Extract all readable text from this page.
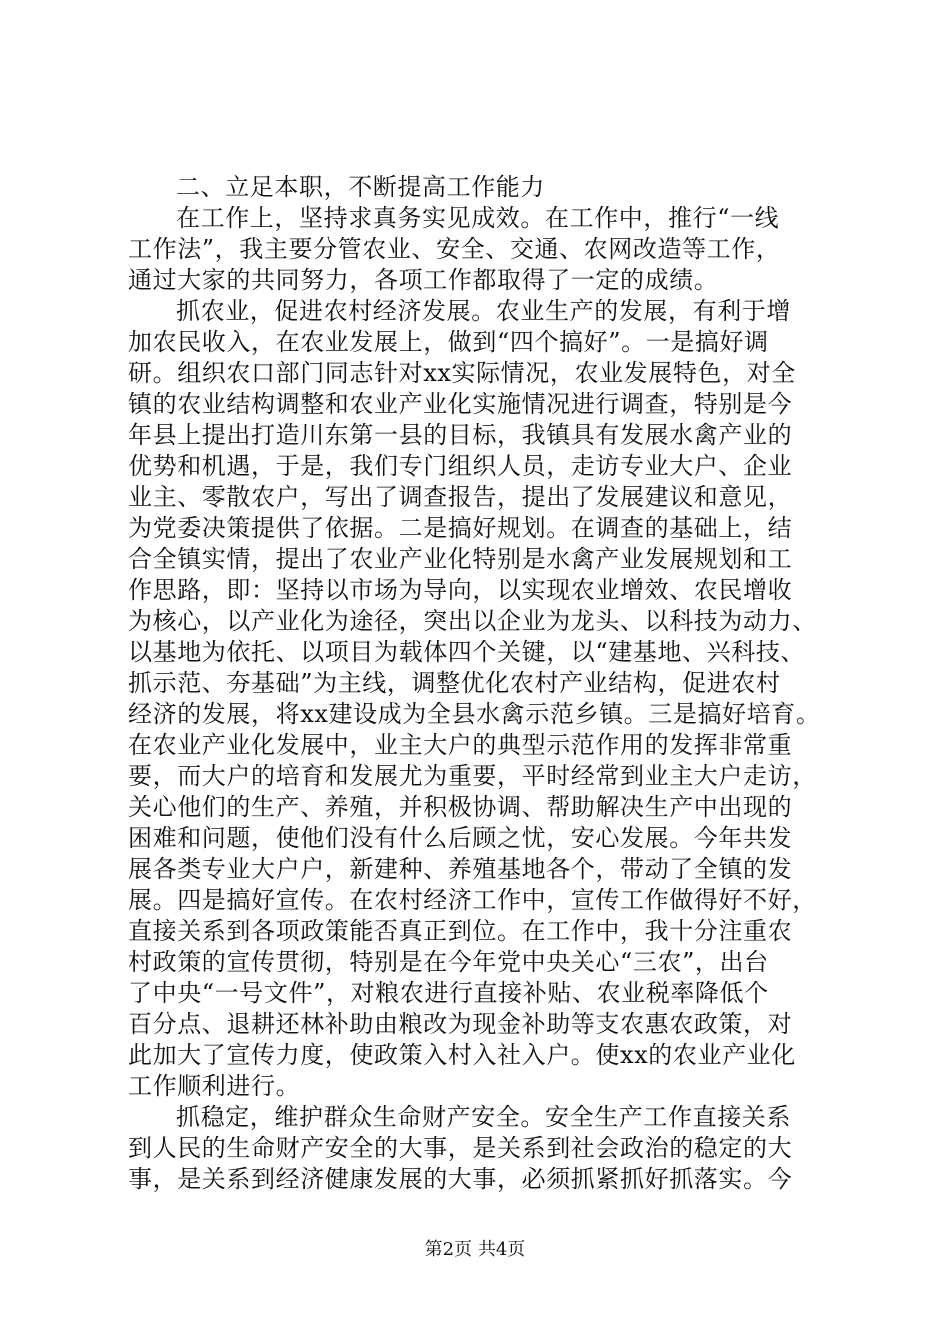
二、立足本职，不断提高工作能力
在工作上，坚持求真务实见成效。在工作中，推行“一线
工作法”，我主要分管农业、安全、交通、农网改造等工作，
通过大家的共同努力，各项工作都取得了一定的成绩。
抓农业，促进农村经济发展。农业生产的发展，有利于增
加农民收入，在农业发展上，做到“四个搞好”。一是搞好调
研。组织农口部门同志针对xx实际情况，农业发展特色，对全
镇的农业结构调整和农业产业化实施情况进行调查，特别是今
年县上提出打造川东第一县的目标，我镇具有发展水禽产业的
优势和机遇，于是，我们专门组织人员，走访专业大户、企业
业主、零散农户，写出了调查报告，提出了发展建议和意见，
为党委决策提供了依据。二是搞好规划。在调查的基础上，结
合全镇实情，提出了农业产业化特别是水禽产业发展规划和工
作思路，即：坚持以市场为导向，以实现农业增效、农民增收
为核心，以产业化为途径，突出以企业为龙头、以科技为动力、
以基地为依托、以项目为载体四个关键，以“建基地、兴科技、
抓示范、夯基础”为主线，调整优化农村产业结构，促进农村
经济的发展，将xx建设成为全县水禽示范乡镇。三是搞好培育。
在农业产业化发展中，业主大户的典型示范作用的发挥非常重
要，而大户的培育和发展尤为重要，平时经常到业主大户走访，
关心他们的生产、养殖，并积极协调、帮助解决生产中出现的
困难和问题，使他们没有什么后顾之忧，安心发展。今年共发
展各类专业大户户，新建种、养殖基地各个，带动了全镇的发
展。四是搞好宣传。在农村经济工作中，宣传工作做得好不好，
直接关系到各项政策能否真正到位。在工作中，我十分注重农
村政策的宣传贯彻，特别是在今年党中央关心“三农”，出台
了中央“一号文件”，对粮农进行直接补贴、农业税率降低个
百分点、退耕还林补助由粮改为现金补助等支农惠农政策，对
此加大了宣传力度，使政策入村入社入户。使xx的农业产业化
工作顺利进行。
抓稳定，维护群众生命财产安全。安全生产工作直接关系
到人民的生命财产安全的大事，是关系到社会政治的稳定的大
事，是关系到经济健康发展的大事，必须抓紧抓好抓落实。今
第2页 共4页
